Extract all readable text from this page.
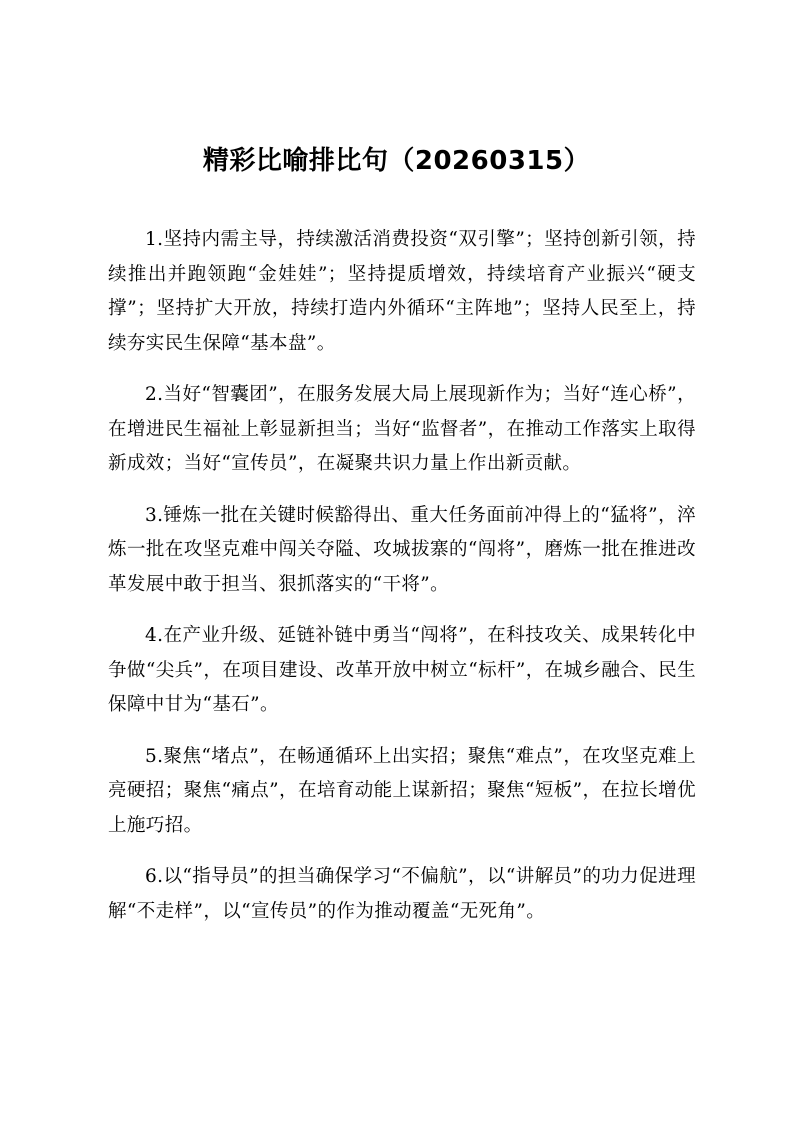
精彩比喻排比句（20260315）

1.坚持内需主导，持续激活消费投资“双引擎”；坚持创新引领，持续推出并跑领跑“金娃娃”；坚持提质增效，持续培育产业振兴“硬支撑”；坚持扩大开放，持续打造内外循环“主阵地”；坚持人民至上，持续夯实民生保障“基本盘”。

2.当好“智囊团”，在服务发展大局上展现新作为；当好“连心桥”，在增进民生福祉上彰显新担当；当好“监督者”，在推动工作落实上取得新成效；当好“宣传员”，在凝聚共识力量上作出新贡献。

3.锤炼一批在关键时候豁得出、重大任务面前冲得上的“猛将”，淬炼一批在攻坚克难中闯关夺隘、攻城拔寨的“闯将”，磨炼一批在推进改革发展中敢于担当、狠抓落实的“干将”。

4.在产业升级、延链补链中勇当“闯将”，在科技攻关、成果转化中争做“尖兵”，在项目建设、改革开放中树立“标杆”，在城乡融合、民生保障中甘为“基石”。

5.聚焦“堵点”，在畅通循环上出实招；聚焦“难点”，在攻坚克难上亮硬招；聚焦“痛点”，在培育动能上谋新招；聚焦“短板”，在拉长增优上施巧招。

6.以“指导员”的担当确保学习“不偏航”，以“讲解员”的功力促进理解“不走样”，以“宣传员”的作为推动覆盖“无死角”。
